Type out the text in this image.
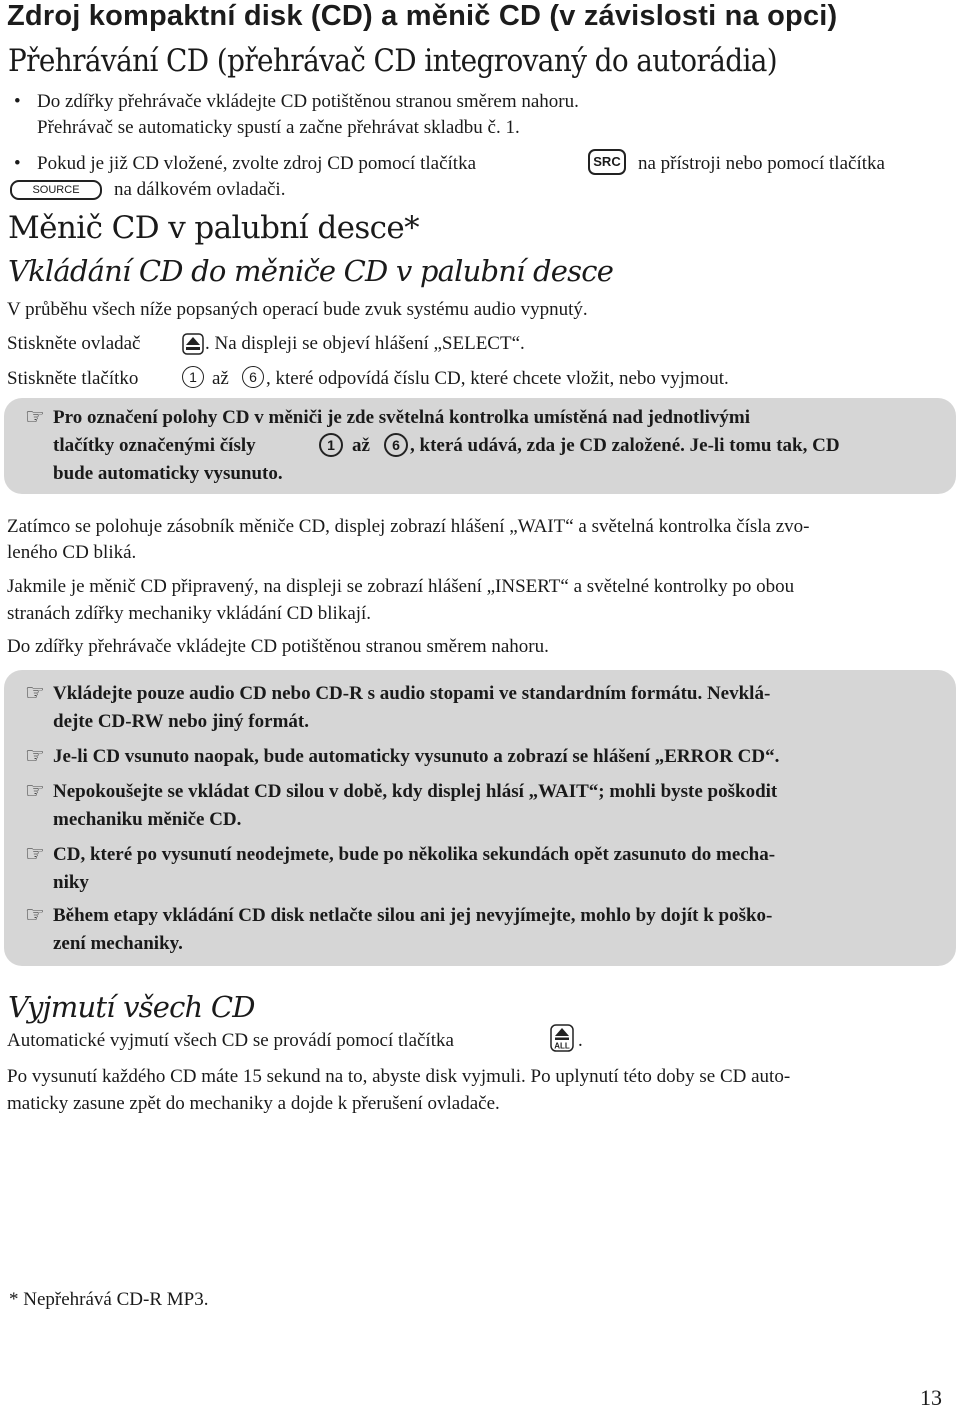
Zdroj kompaktní disk (CD) a měnič CD (v závislosti na opci)
Přehrávání CD (přehrávač CD integrovaný do autorádia)
• Do zdířky přehrávače vkládejte CD potištěnou stranou směrem nahoru.
Přehrávač se automaticky spustí a začne přehrávat skladbu č. 1.
• Pokud je již CD vložené, zvolte zdroj CD pomocí tlačítka	SRC na přístroji nebo pomocí tlačítka
SOURCE	na dálkovém ovladači.
Měnič CD v palubní desce*
Vkládání CD do měniče CD v palubní desce
V průběhu všech níže popsaných operací bude zvuk systému audio vypnutý.
Stiskněte ovladač	. Na displeji se objeví hlášení „SELECT“.
Stiskněte tlačítko	1 až	6 , které odpovídá číslu CD, které chcete vložit, nebo vyjmout.
☞ Pro označení polohy CD v měniči je zde světelná kontrolka umístěná nad jednotlivými
tlačítky označenými čísly	1 až	6 , která udává, zda je CD založené. Je-li tomu tak, CD
bude automaticky vysunuto.
Zatímco se polohuje zásobník měniče CD, displej zobrazí hlášení „WAIT“ a světelná kontrolka čísla zvo-
leného CD bliká.
Jakmile je měnič CD připravený, na displeji se zobrazí hlášení „INSERT“ a světelné kontrolky po obou
stranách zdířky mechaniky vkládání CD blikají.
Do zdířky přehrávače vkládejte CD potištěnou stranou směrem nahoru.
☞ Vkládejte pouze audio CD nebo CD-R s audio stopami ve standardním formátu. Nevklá-
dejte CD-RW nebo jiný formát.
☞ Je-li CD vsunuto naopak, bude automaticky vysunuto a zobrazí se hlášení „ERROR CD“.
☞ Nepokoušejte se vkládat CD silou v době, kdy displej hlásí „WAIT“; mohli byste poškodit
mechaniku měniče CD.
☞ CD, které po vysunutí neodejmete, bude po několika sekundách opět zasunuto do mecha-
niky
☞ Během etapy vkládání CD disk netlačte silou ani jej nevyjímejte, mohlo by dojít k poško-
zení mechaniky.
Vyjmutí všech CD
Automatické vyjmutí všech CD se provádí pomocí tlačítka	ALL .
Po vysunutí každého CD máte 15 sekund na to, abyste disk vyjmuli. Po uplynutí této doby se CD auto-
maticky zasune zpět do mechaniky a dojde k přerušení ovladače.
* Nepřehrává CD-R MP3.
13
